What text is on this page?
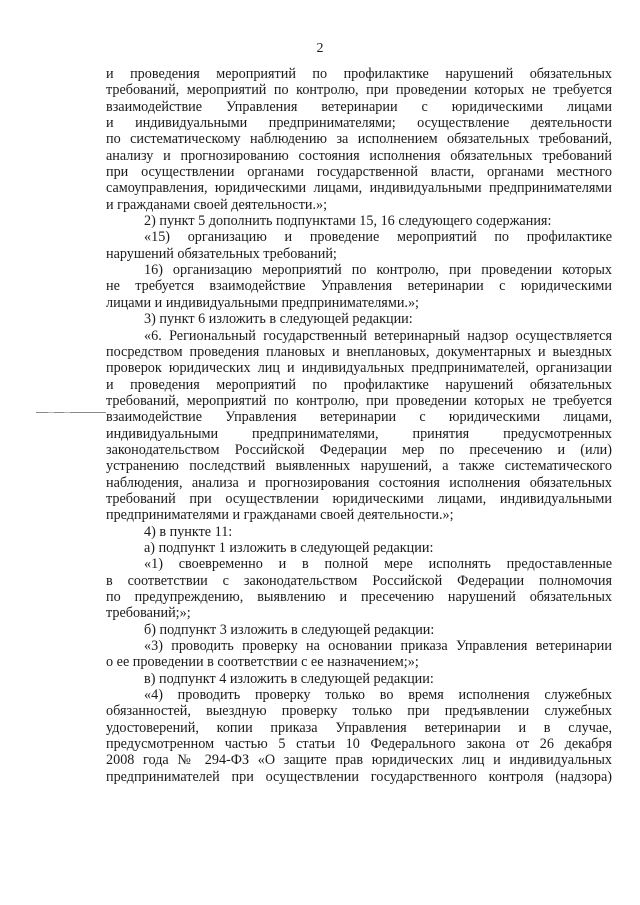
2
и проведения мероприятий по профилактике нарушений обязательных
требований, мероприятий по контролю, при проведении которых не требуется
взаимодействие Управления ветеринарии с юридическими лицами
и индивидуальными предпринимателями; осуществление деятельности
по систематическому наблюдению за исполнением обязательных требований,
анализу и прогнозированию состояния исполнения обязательных требований
при осуществлении органами государственной власти, органами местного
самоуправления, юридическими лицами, индивидуальными предпринимателями
и гражданами своей деятельности.»;
2) пункт 5 дополнить подпунктами 15, 16 следующего содержания:
«15) организацию и проведение мероприятий по профилактике
нарушений обязательных требований;
16) организацию мероприятий по контролю, при проведении которых
не требуется взаимодействие Управления ветеринарии с юридическими
лицами и индивидуальными предпринимателями.»;
3) пункт 6 изложить в следующей редакции:
«6. Региональный государственный ветеринарный надзор осуществляется
посредством проведения плановых и внеплановых, документарных и выездных
проверок юридических лиц и индивидуальных предпринимателей, организации
и проведения мероприятий по профилактике нарушений обязательных
требований, мероприятий по контролю, при проведении которых не требуется
взаимодействие Управления ветеринарии с юридическими лицами,
индивидуальными предпринимателями, принятия предусмотренных
законодательством Российской Федерации мер по пресечению и (или)
устранению последствий выявленных нарушений, а также систематического
наблюдения, анализа и прогнозирования состояния исполнения обязательных
требований при осуществлении юридическими лицами, индивидуальными
предпринимателями и гражданами своей деятельности.»;
4) в пункте 11:
а) подпункт 1 изложить в следующей редакции:
«1) своевременно и в полной мере исполнять предоставленные
в соответствии с законодательством Российской Федерации полномочия
по предупреждению, выявлению и пресечению нарушений обязательных
требований;»;
б) подпункт 3 изложить в следующей редакции:
«3) проводить проверку на основании приказа Управления ветеринарии
о ее проведении в соответствии с ее назначением;»;
в) подпункт 4 изложить в следующей редакции:
«4) проводить проверку только во время исполнения служебных
обязанностей, выездную проверку только при предъявлении служебных
удостоверений, копии приказа Управления ветеринарии и в случае,
предусмотренном частью 5 статьи 10 Федерального закона от 26 декабря
2008 года № 294-ФЗ «О защите прав юридических лиц и индивидуальных
предпринимателей при осуществлении государственного контроля (надзора)
